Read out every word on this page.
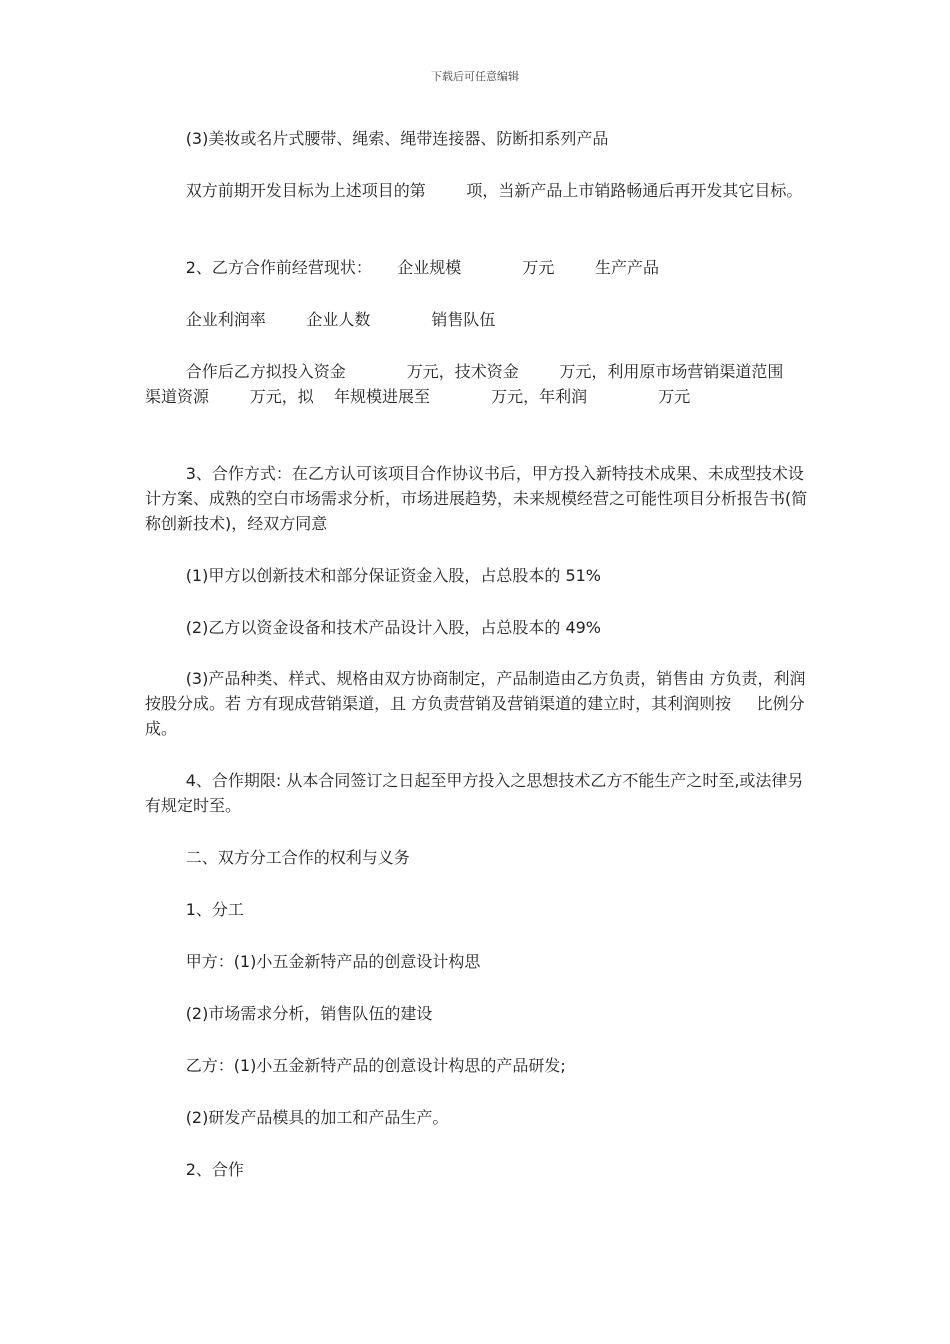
下载后可任意编辑

(3)美妆或名片式腰带、绳索、绳带连接器、防断扣系列产品

双方前期开发目标为上述项目的第        项，当新产品上市销路畅通后再开发其它目标。

2、乙方合作前经营现状：     企业规模            万元        生产产品

企业利润率        企业人数            销售队伍

合作后乙方拟投入资金            万元，技术资金        万元，利用原市场营销渠道范围                              渠道资源        万元，拟    年规模进展至            万元，年利润              万元

3、合作方式：在乙方认可该项目合作协议书后，甲方投入新特技术成果、未成型技术设计方案、成熟的空白市场需求分析，市场进展趋势，未来规模经营之可能性项目分析报告书(简称创新技术)，经双方同意

(1)甲方以创新技术和部分保证资金入股，占总股本的 51%

(2)乙方以资金设备和技术产品设计入股，占总股本的 49%

(3)产品种类、样式、规格由双方协商制定，产品制造由乙方负责，销售由 方负责，利润按股分成。若 方有现成营销渠道，且 方负责营销及营销渠道的建立时，其利润则按     比例分成。

4、合作期限: 从本合同签订之日起至甲方投入之思想技术乙方不能生产之时至,或法律另有规定时至。

二、双方分工合作的权利与义务

1、分工

甲方：(1)小五金新特产品的创意设计构思

(2)市场需求分析，销售队伍的建设

乙方：(1)小五金新特产品的创意设计构思的产品研发;

(2)研发产品模具的加工和产品生产。

2、合作
